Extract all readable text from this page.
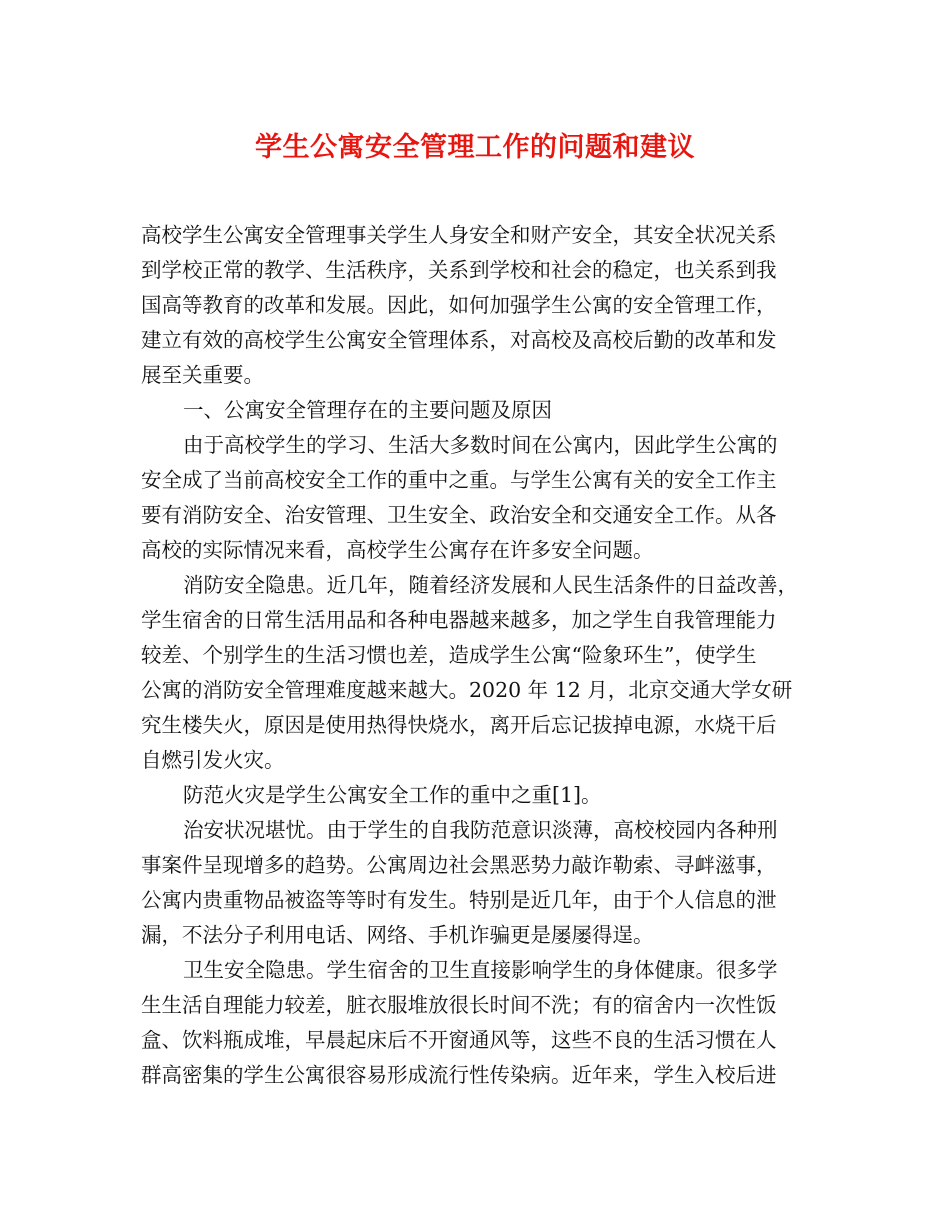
学生公寓安全管理工作的问题和建议
高校学生公寓安全管理事关学生人身安全和财产安全，其安全状况关系
到学校正常的教学、生活秩序，关系到学校和社会的稳定，也关系到我
国高等教育的改革和发展。因此，如何加强学生公寓的安全管理工作，
建立有效的高校学生公寓安全管理体系，对高校及高校后勤的改革和发
展至关重要。
一、公寓安全管理存在的主要问题及原因
由于高校学生的学习、生活大多数时间在公寓内，因此学生公寓的
安全成了当前高校安全工作的重中之重。与学生公寓有关的安全工作主
要有消防安全、治安管理、卫生安全、政治安全和交通安全工作。从各
高校的实际情况来看，高校学生公寓存在许多安全问题。
消防安全隐患。近几年，随着经济发展和人民生活条件的日益改善，
学生宿舍的日常生活用品和各种电器越来越多，加之学生自我管理能力
较差、个别学生的生活习惯也差，造成学生公寓“险象环生”，使学生
公寓的消防安全管理难度越来越大。2020 年 12 月，北京交通大学女研
究生楼失火，原因是使用热得快烧水，离开后忘记拔掉电源，水烧干后
自燃引发火灾。
防范火灾是学生公寓安全工作的重中之重[1]。
治安状况堪忧。由于学生的自我防范意识淡薄，高校校园内各种刑
事案件呈现增多的趋势。公寓周边社会黑恶势力敲诈勒索、寻衅滋事，
公寓内贵重物品被盗等等时有发生。特别是近几年，由于个人信息的泄
漏，不法分子利用电话、网络、手机诈骗更是屡屡得逞。
卫生安全隐患。学生宿舍的卫生直接影响学生的身体健康。很多学
生生活自理能力较差，脏衣服堆放很长时间不洗；有的宿舍内一次性饭
盒、饮料瓶成堆，早晨起床后不开窗通风等，这些不良的生活习惯在人
群高密集的学生公寓很容易形成流行性传染病。近年来，学生入校后进
